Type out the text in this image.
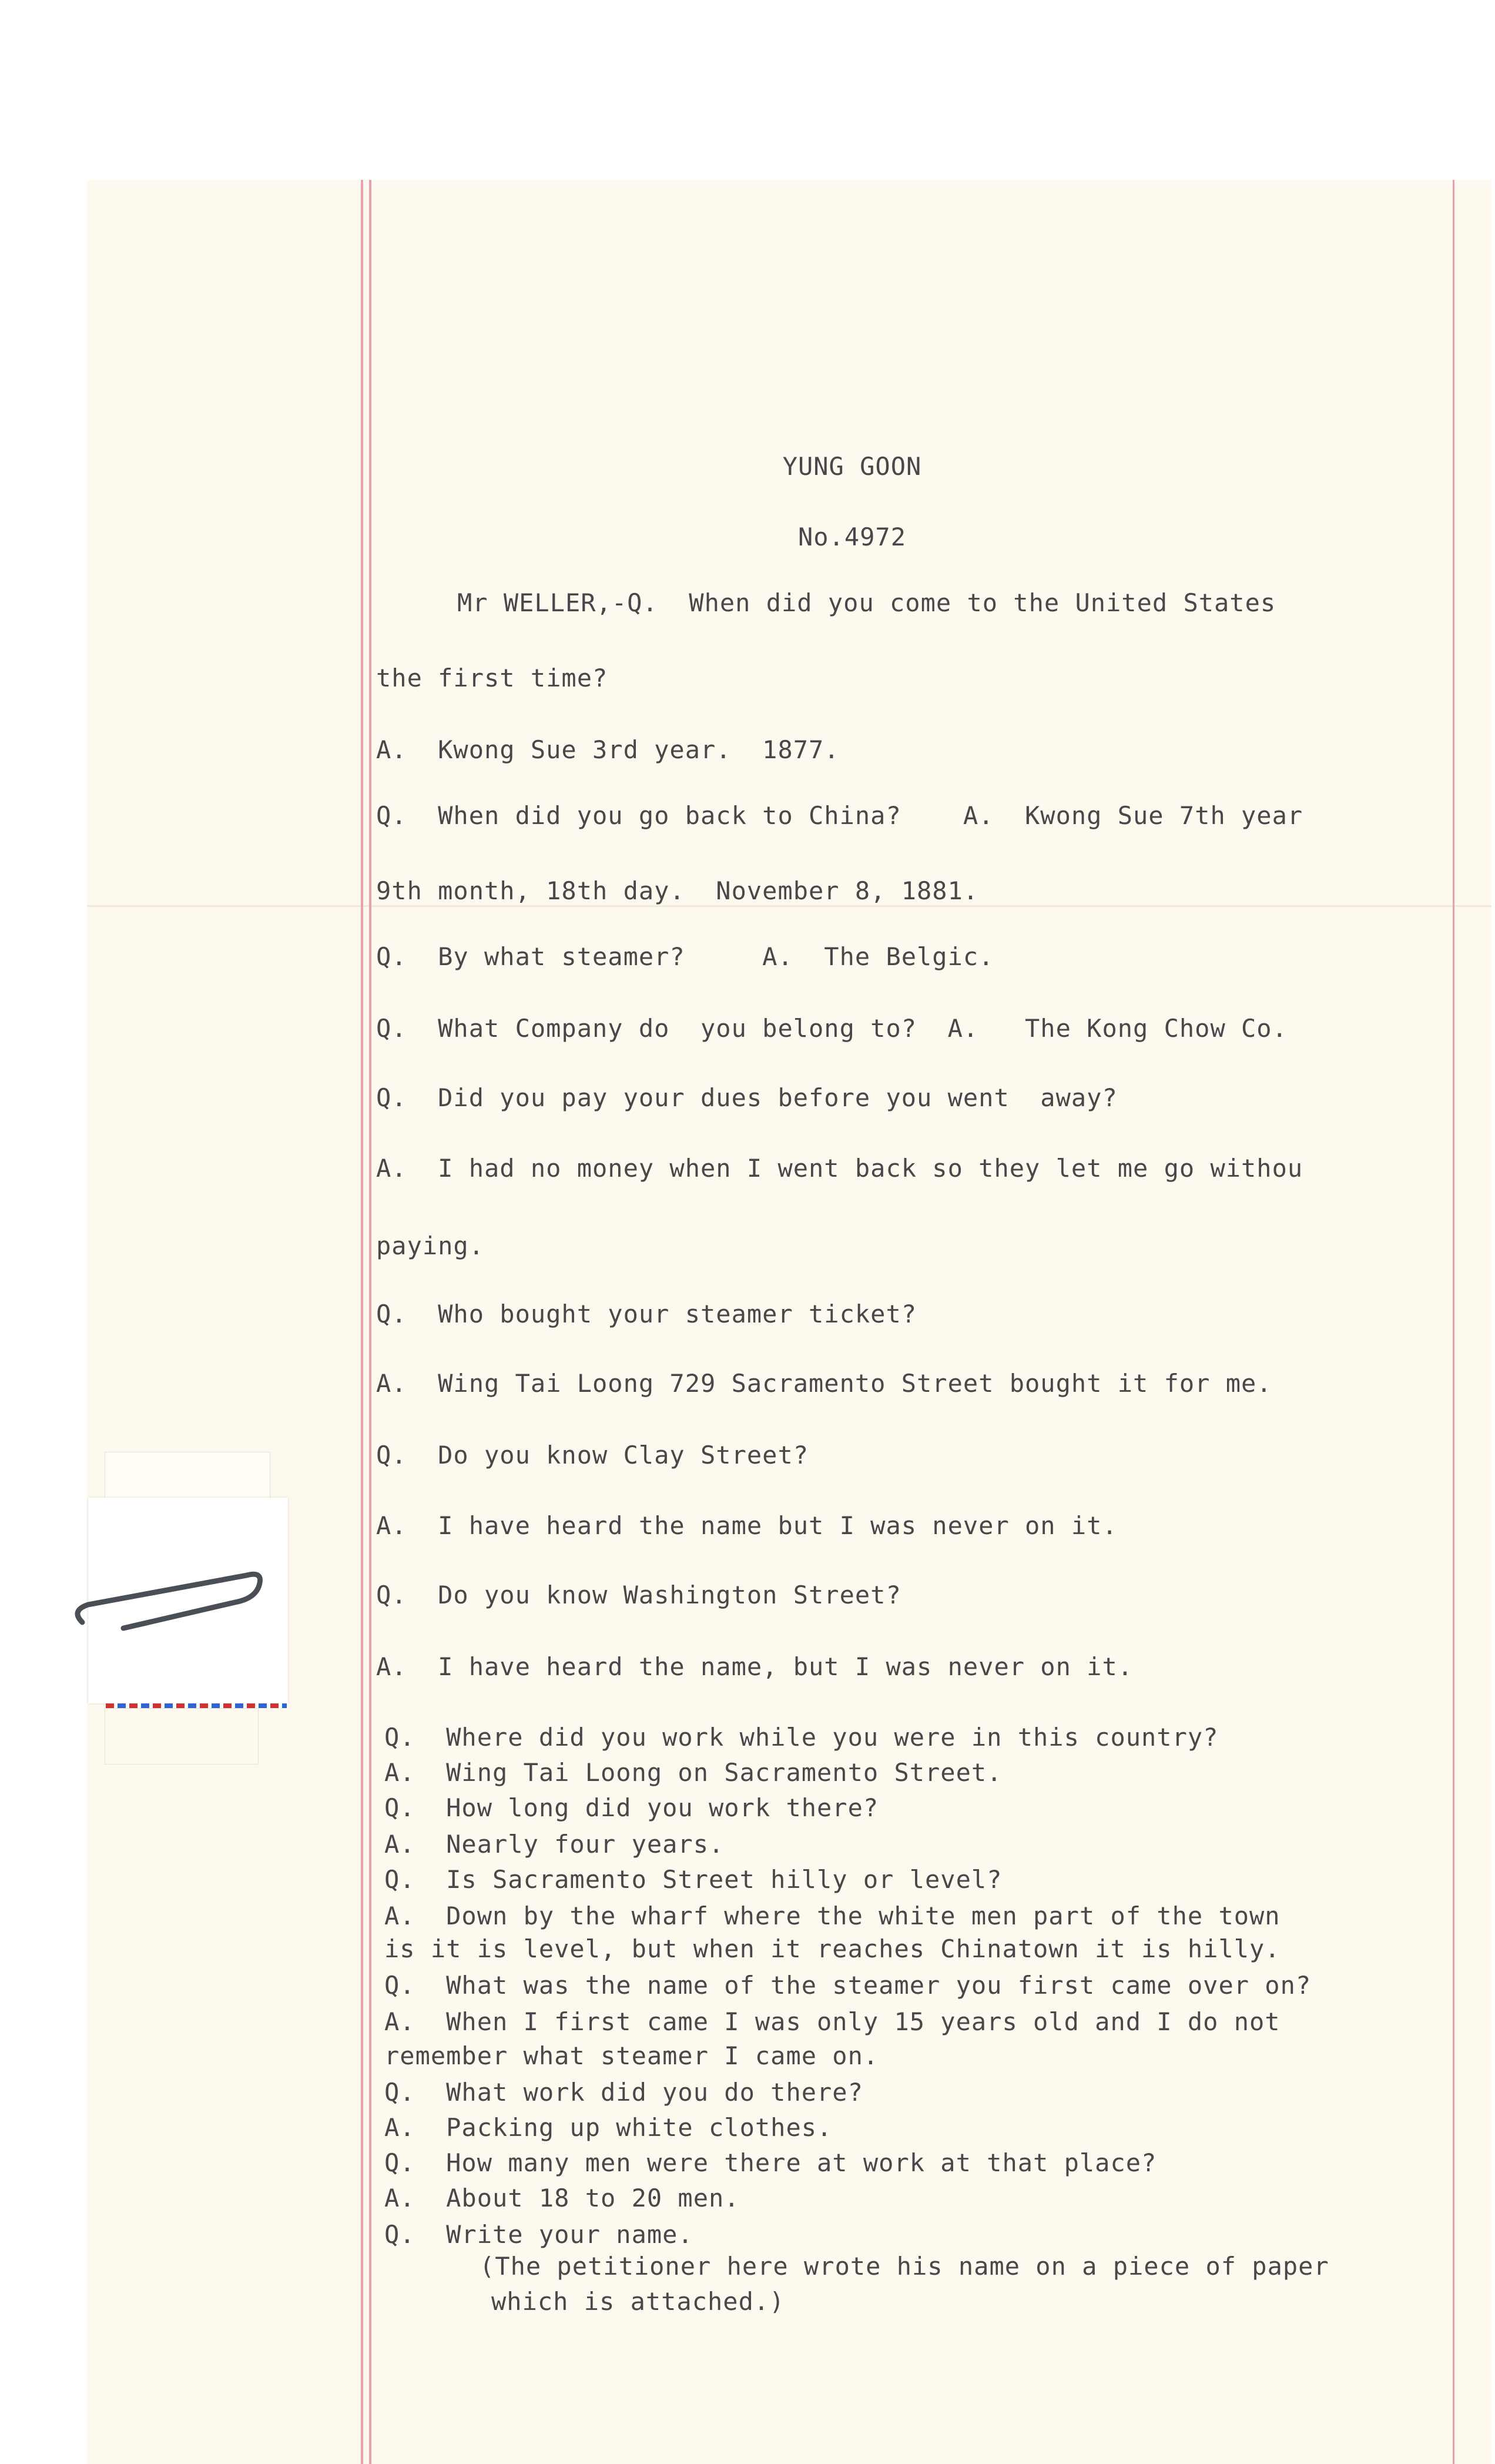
YUNG GOON
No.4972
Mr WELLER,-Q.  When did you come to the United States
the first time?
A.  Kwong Sue 3rd year.  1877.
Q.  When did you go back to China?    A.  Kwong Sue 7th year
9th month, 18th day.  November 8, 1881.
Q.  By what steamer?     A.  The Belgic.
Q.  What Company do  you belong to?  A.   The Kong Chow Co.
Q.  Did you pay your dues before you went  away?
A.  I had no money when I went back so they let me go withou
paying.
Q.  Who bought your steamer ticket?
A.  Wing Tai Loong 729 Sacramento Street bought it for me.
Q.  Do you know Clay Street?
A.  I have heard the name but I was never on it.
Q.  Do you know Washington Street?
A.  I have heard the name, but I was never on it.
Q.  Where did you work while you were in this country?
A.  Wing Tai Loong on Sacramento Street.
Q.  How long did you work there?
A.  Nearly four years.
Q.  Is Sacramento Street hilly or level?
A.  Down by the wharf where the white men part of the town
is it is level, but when it reaches Chinatown it is hilly.
Q.  What was the name of the steamer you first came over on?
A.  When I first came I was only 15 years old and I do not
remember what steamer I came on.
Q.  What work did you do there?
A.  Packing up white clothes.
Q.  How many men were there at work at that place?
A.  About 18 to 20 men.
Q.  Write your name.
(The petitioner here wrote his name on a piece of paper
which is attached.)
